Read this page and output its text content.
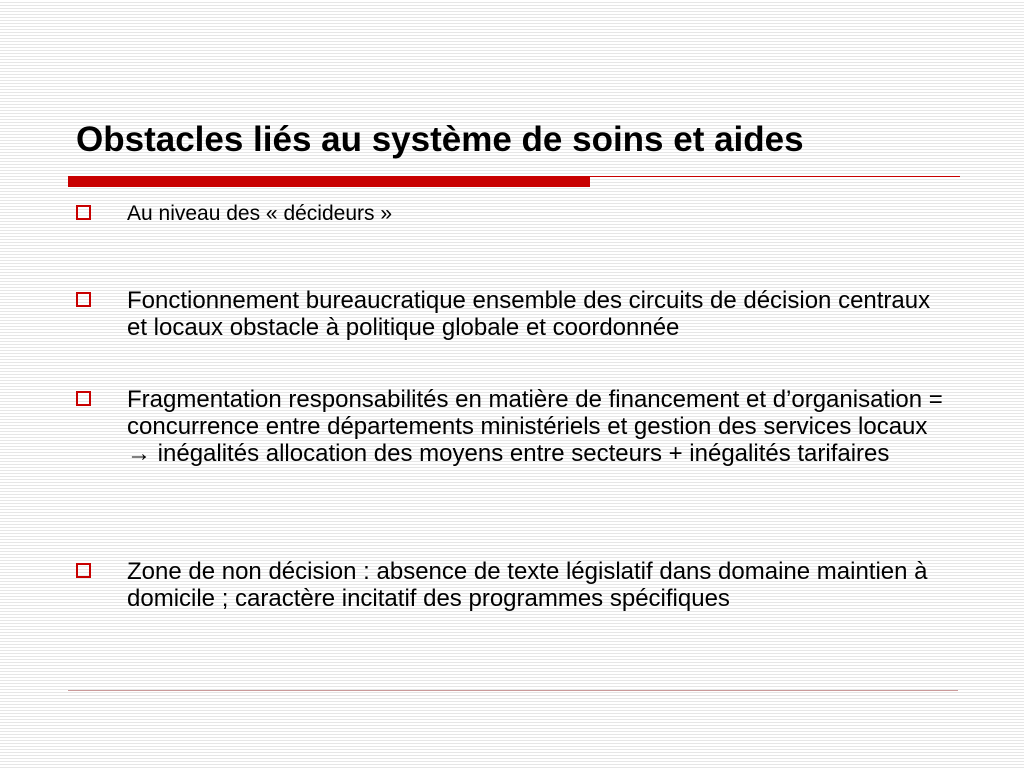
Obstacles liés au système de soins et aides
Au niveau des « décideurs »
Fonctionnement bureaucratique ensemble des circuits de décision centraux et locaux obstacle à politique globale et coordonnée
Fragmentation responsabilités en matière de financement et d’organisation = concurrence entre départements ministériels et gestion des services locaux → inégalités allocation des moyens entre secteurs + inégalités tarifaires
Zone de non décision : absence de texte législatif dans domaine maintien à domicile ; caractère incitatif des programmes spécifiques
